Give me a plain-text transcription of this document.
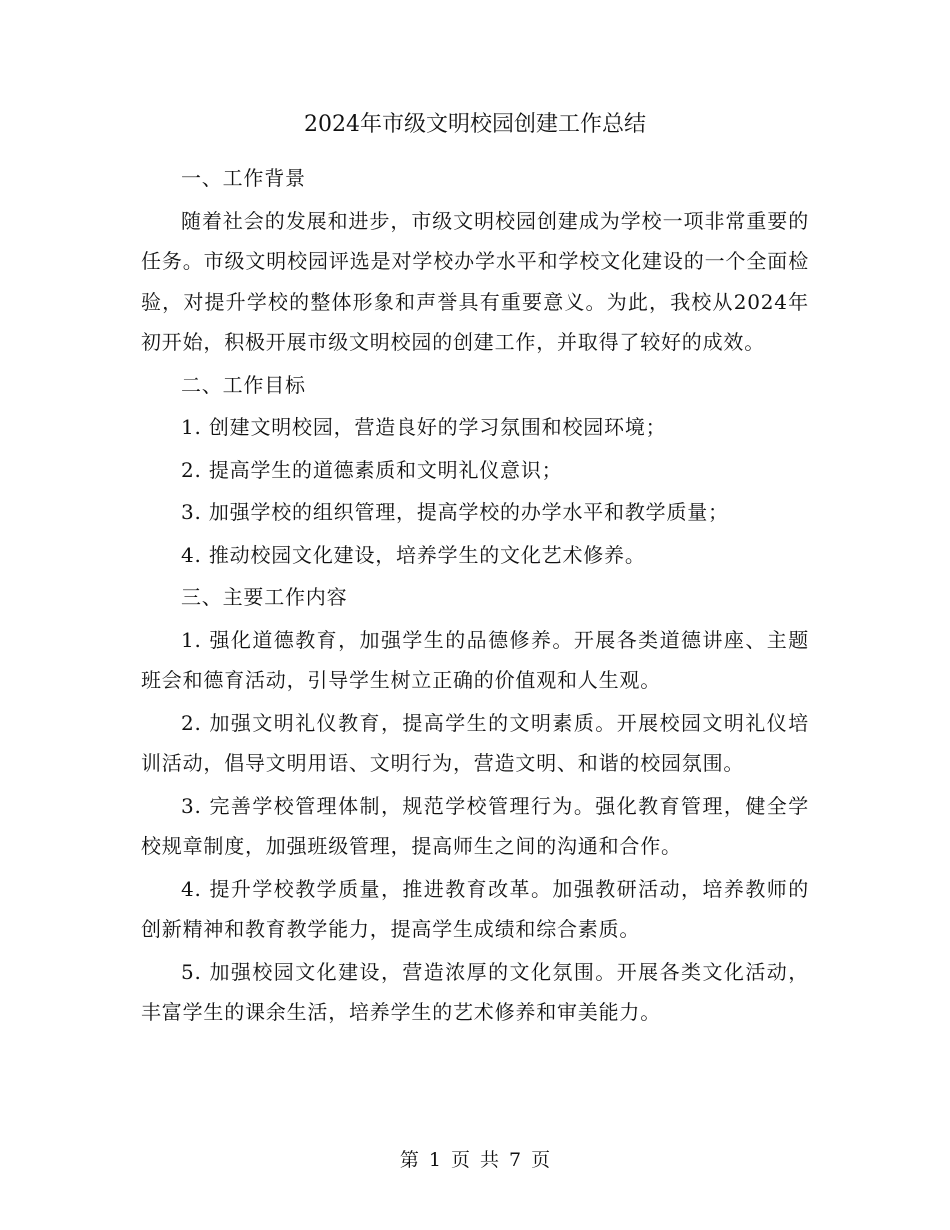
2024年市级文明校园创建工作总结

一、工作背景

随着社会的发展和进步，市级文明校园创建成为学校一项非常重要的任务。市级文明校园评选是对学校办学水平和学校文化建设的一个全面检验，对提升学校的整体形象和声誉具有重要意义。为此，我校从2024年初开始，积极开展市级文明校园的创建工作，并取得了较好的成效。

二、工作目标

1. 创建文明校园，营造良好的学习氛围和校园环境；

2. 提高学生的道德素质和文明礼仪意识；

3. 加强学校的组织管理，提高学校的办学水平和教学质量；

4. 推动校园文化建设，培养学生的文化艺术修养。

三、主要工作内容

1. 强化道德教育，加强学生的品德修养。开展各类道德讲座、主题班会和德育活动，引导学生树立正确的价值观和人生观。

2. 加强文明礼仪教育，提高学生的文明素质。开展校园文明礼仪培训活动，倡导文明用语、文明行为，营造文明、和谐的校园氛围。

3. 完善学校管理体制，规范学校管理行为。强化教育管理，健全学校规章制度，加强班级管理，提高师生之间的沟通和合作。

4. 提升学校教学质量，推进教育改革。加强教研活动，培养教师的创新精神和教育教学能力，提高学生成绩和综合素质。

5. 加强校园文化建设，营造浓厚的文化氛围。开展各类文化活动，丰富学生的课余生活，培养学生的艺术修养和审美能力。

第 1 页 共 7 页
